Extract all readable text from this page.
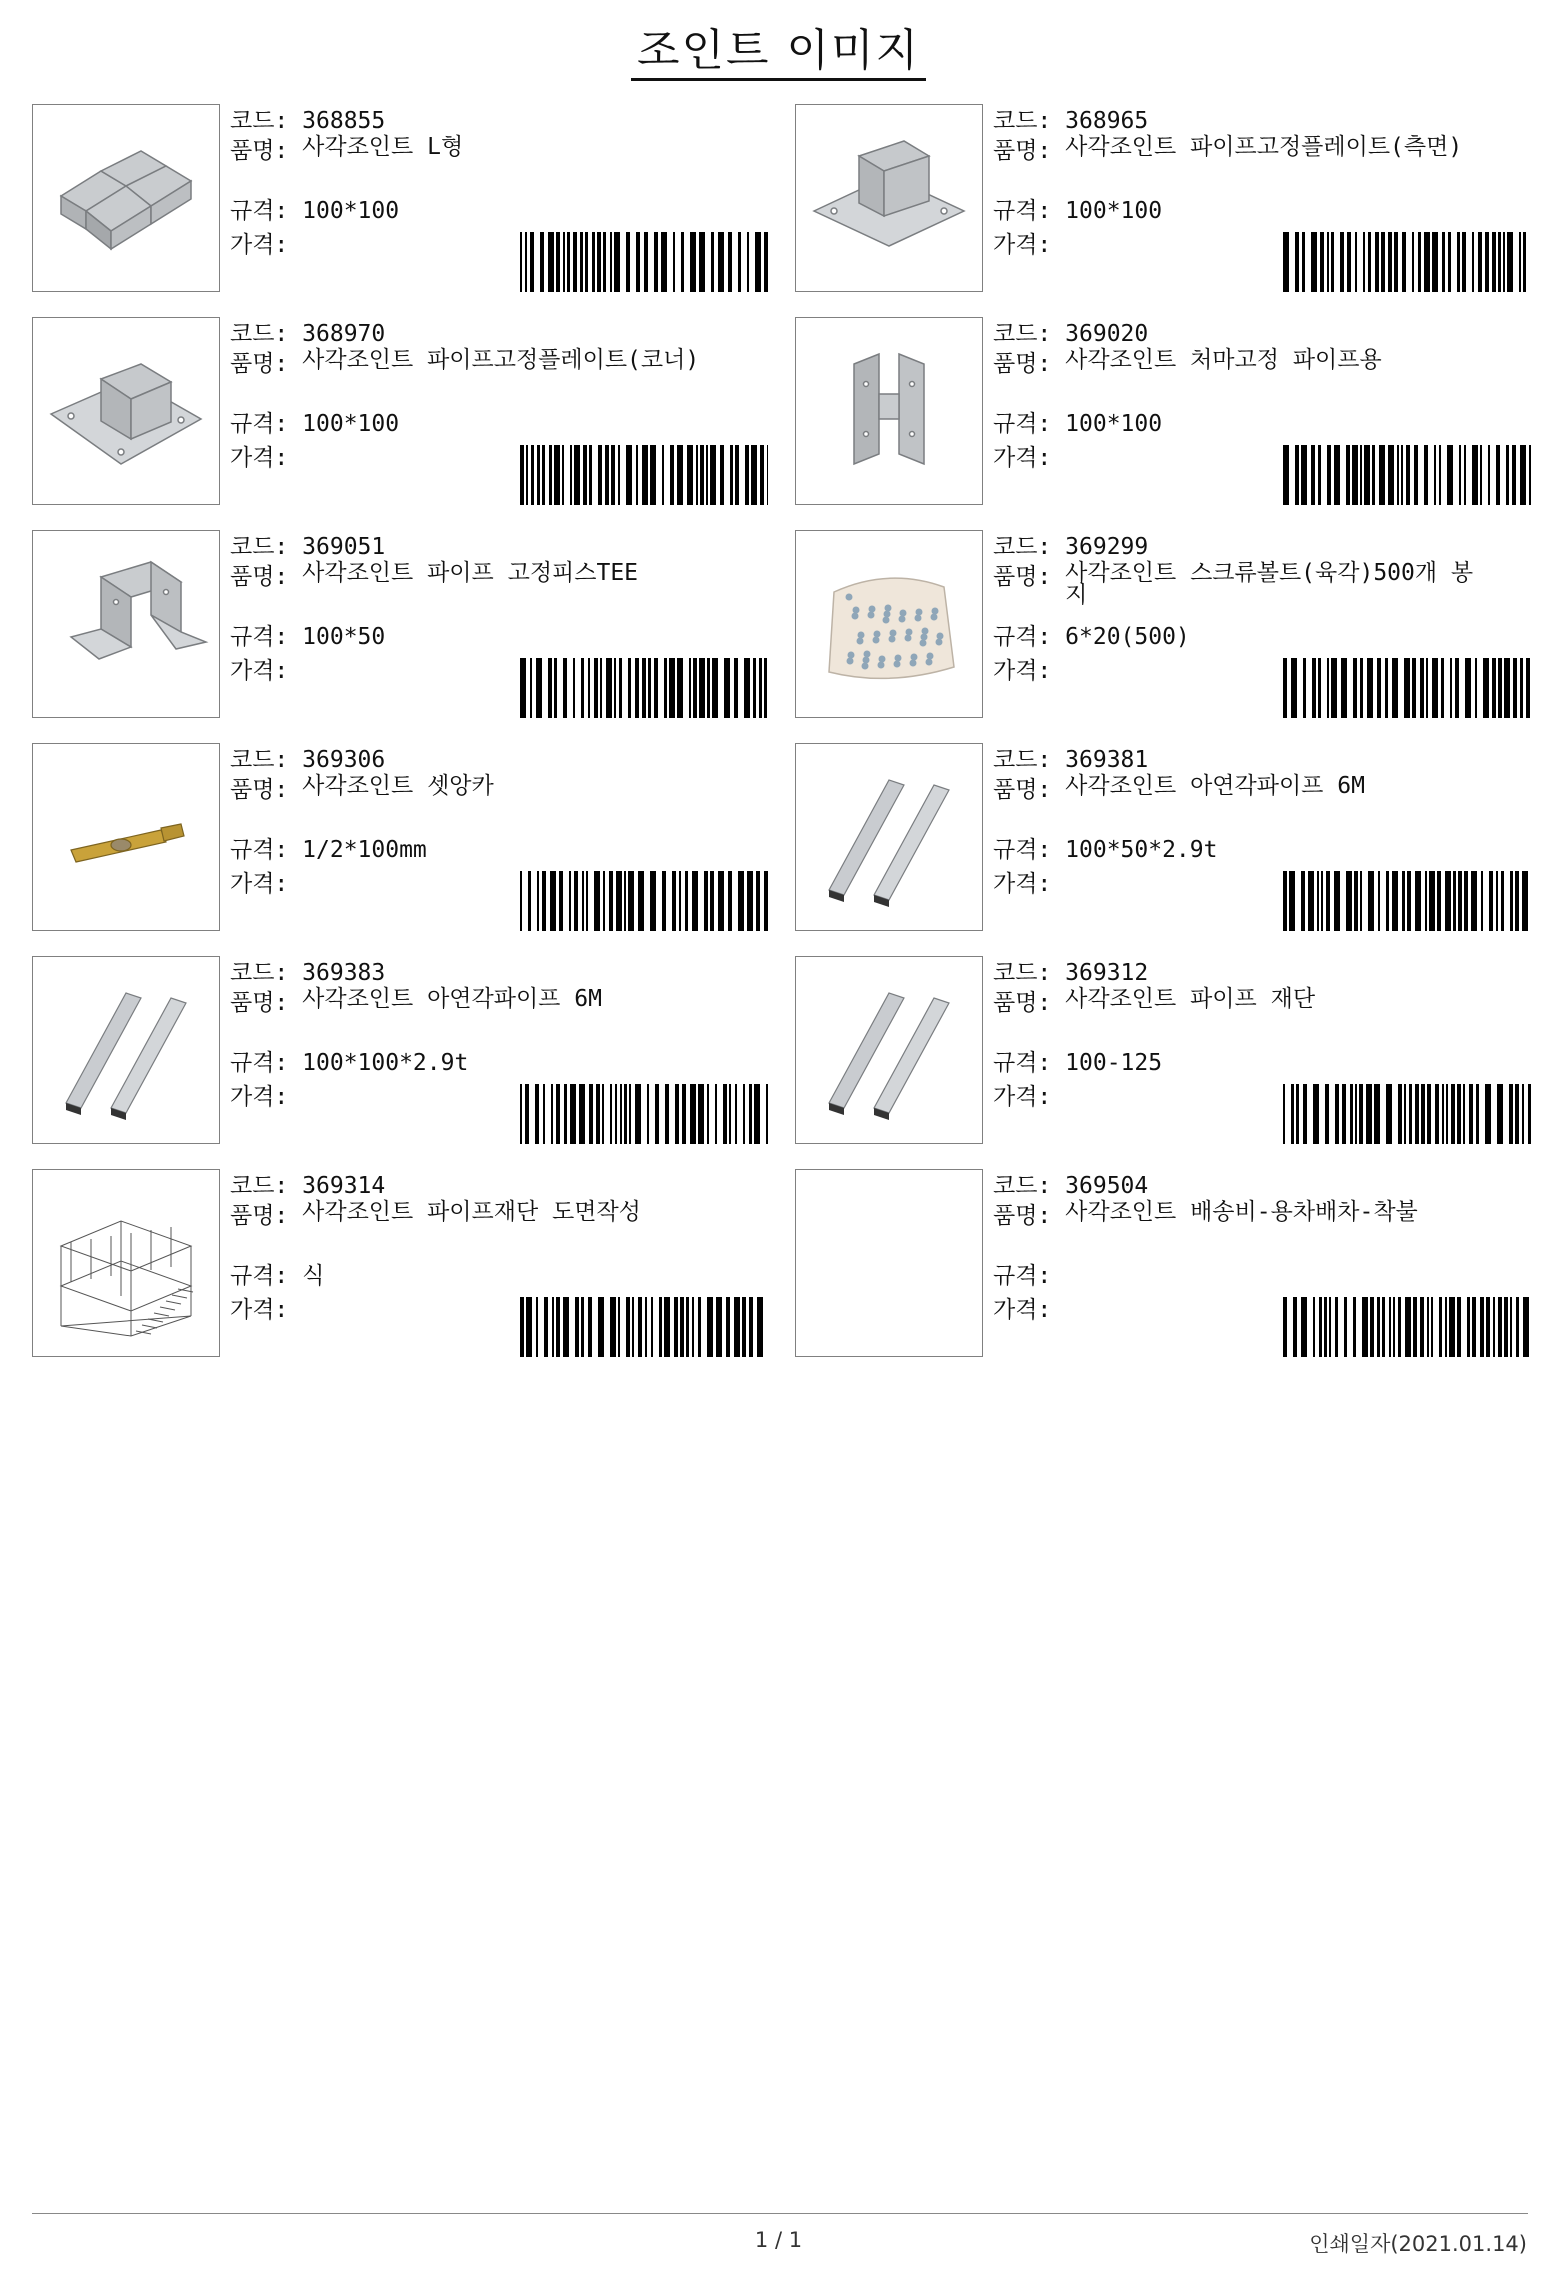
조인트 이미지
코드: 368855
품명: 사각조인트 L형
규격: 100*100
가격:
코드: 368965
품명: 사각조인트 파이프고정플레이트(측면)
규격: 100*100
가격:
코드: 368970
품명: 사각조인트 파이프고정플레이트(코너)
규격: 100*100
가격:
코드: 369020
품명: 사각조인트 처마고정 파이프용
규격: 100*100
가격:
코드: 369051
품명: 사각조인트 파이프 고정피스TEE
규격: 100*50
가격:
코드: 369299
품명: 사각조인트 스크류볼트(육각)500개 봉
지
규격: 6*20(500)
가격:
코드: 369306
품명: 사각조인트 셋앙카
규격: 1/2*100mm
가격:
코드: 369381
품명: 사각조인트 아연각파이프 6M
규격: 100*50*2.9t
가격:
코드: 369383
품명: 사각조인트 아연각파이프 6M
규격: 100*100*2.9t
가격:
코드: 369312
품명: 사각조인트 파이프 재단
규격: 100-125
가격:
코드: 369314
품명: 사각조인트 파이프재단 도면작성
규격: 식
가격:
코드: 369504
품명: 사각조인트 배송비-용차배차-착불
규격:
가격:
1 / 1	인쇄일자(2021.01.14)
